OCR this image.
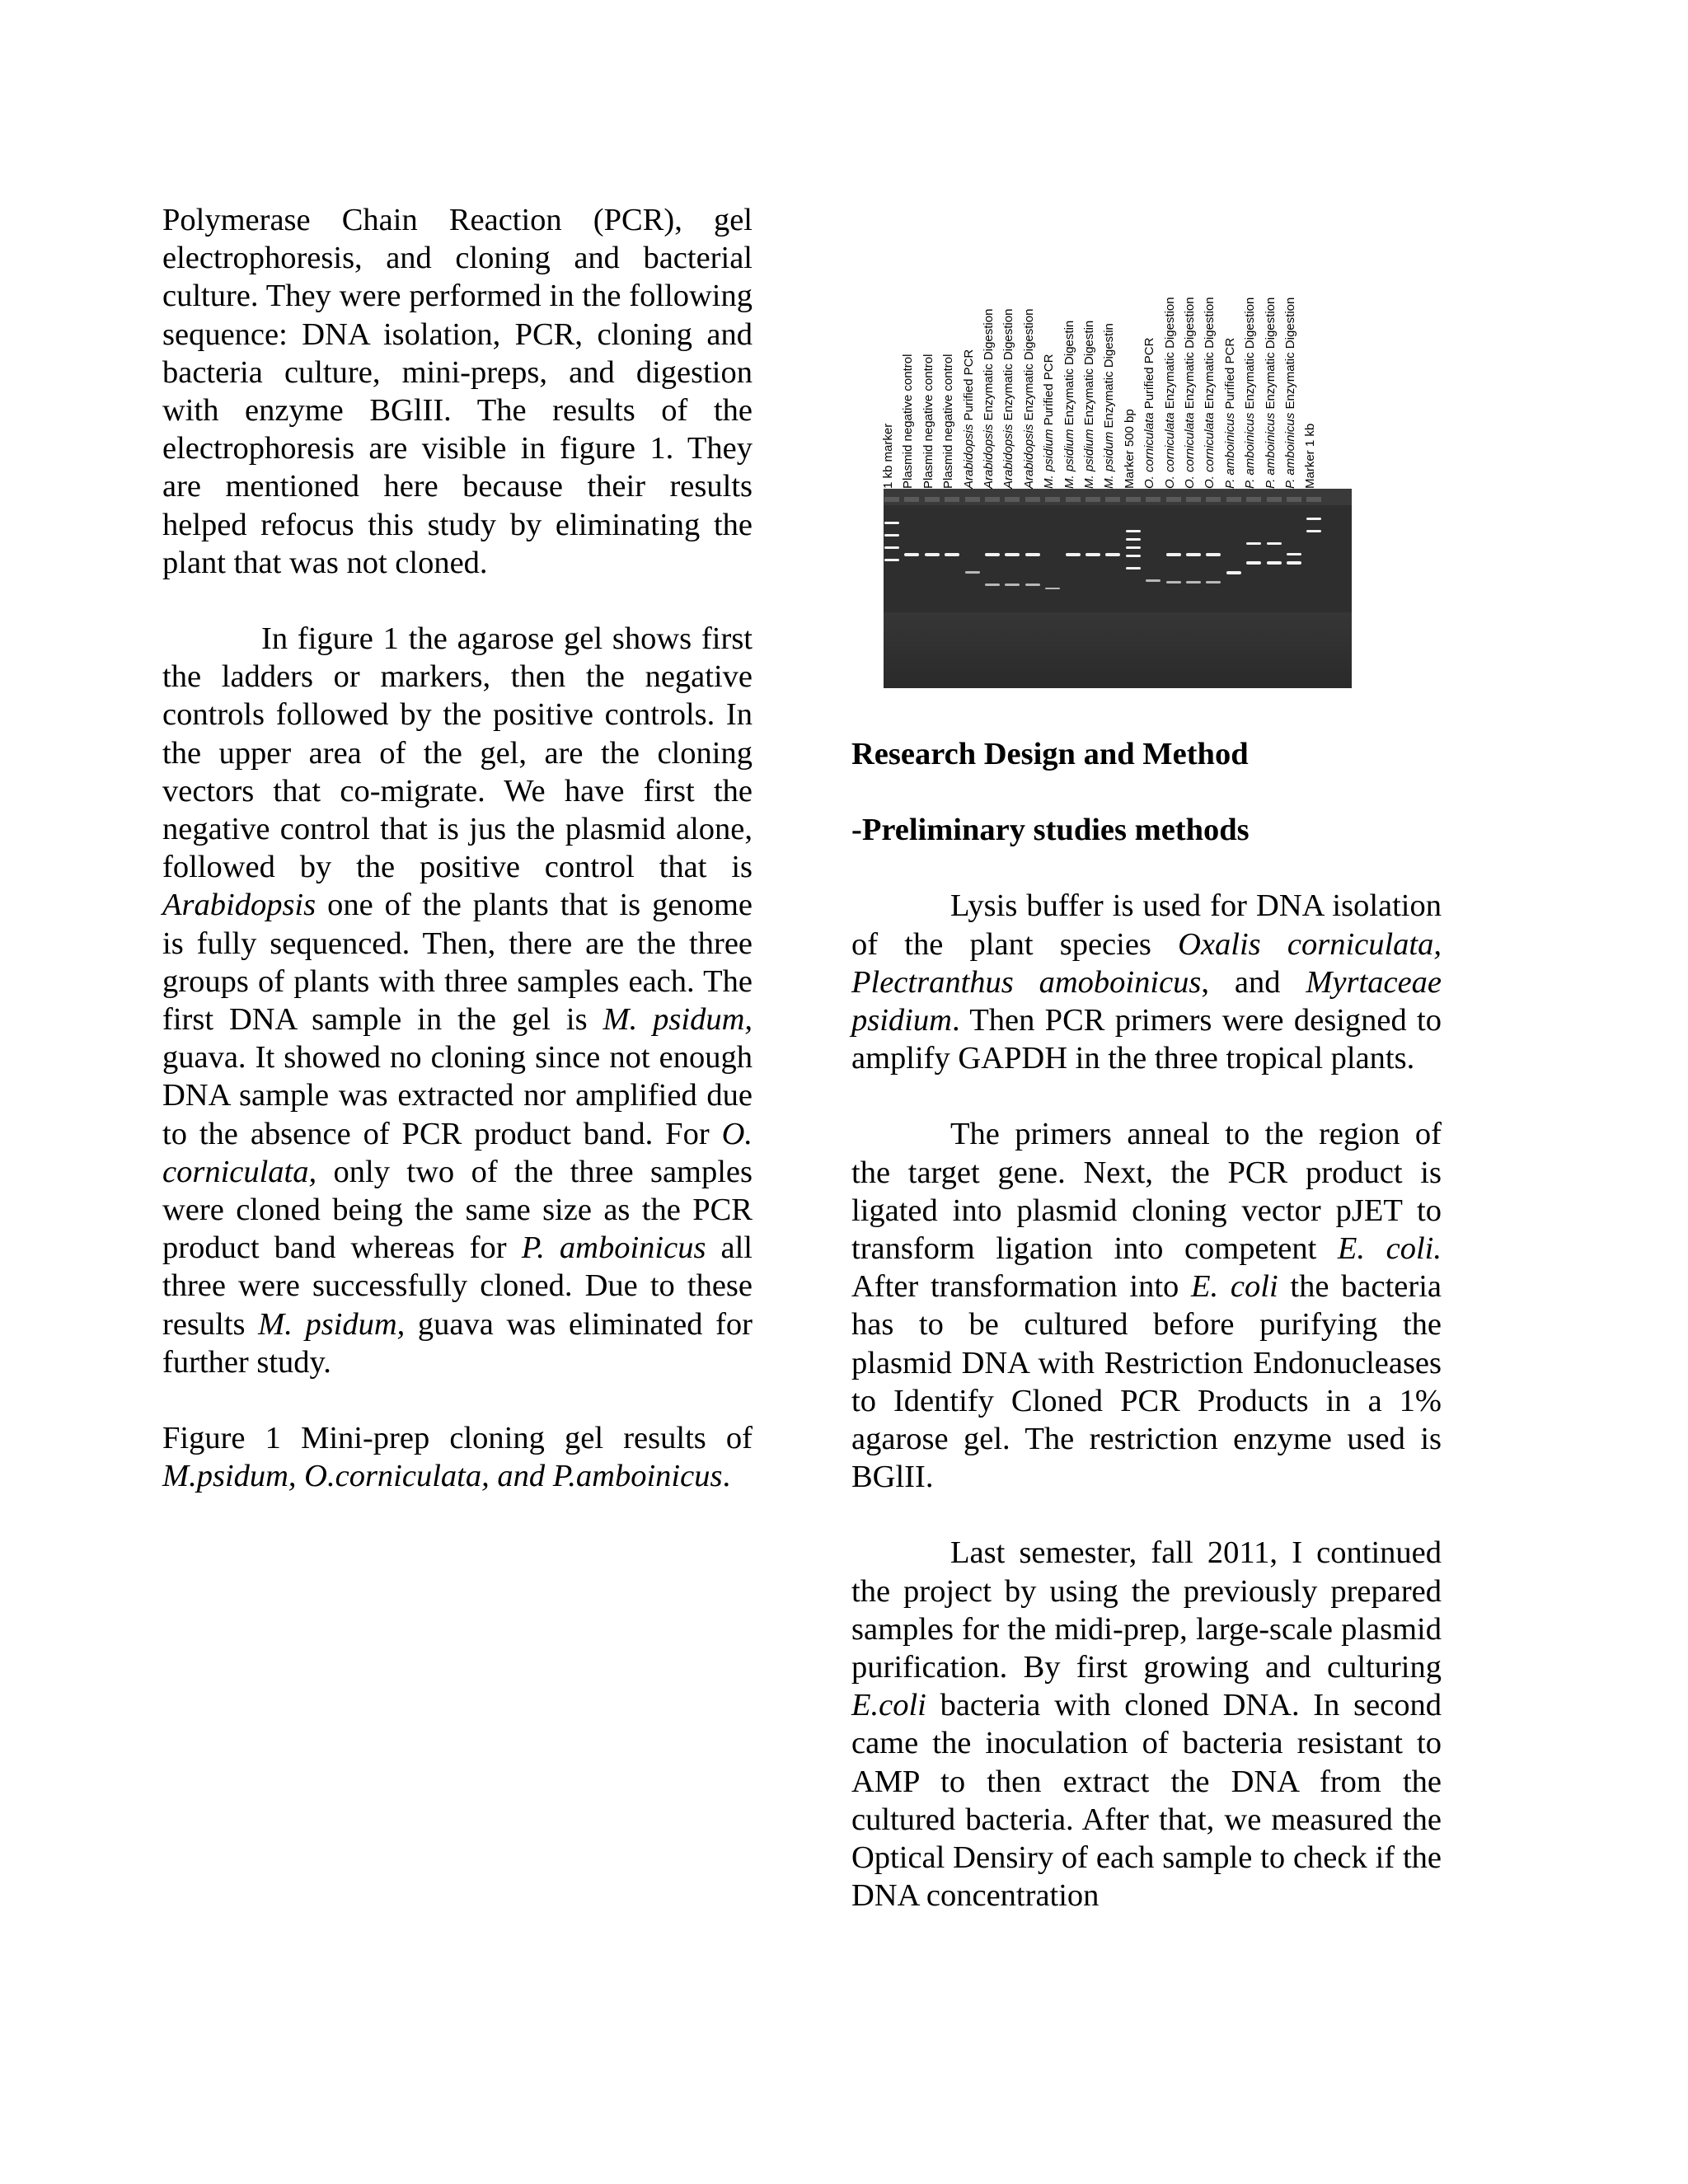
Polymerase Chain Reaction (PCR), gel electrophoresis, and cloning and bacterial culture. They were performed in the following sequence: DNA isolation, PCR, cloning and bacteria culture, mini-preps, and digestion with enzyme BGlII. The results of the electrophoresis are visible in figure 1. They are mentioned here because their results helped refocus this study by eliminating the plant that was not cloned.

In figure 1 the agarose gel shows first the ladders or markers, then the negative controls followed by the positive controls. In the upper area of the gel, are the cloning vectors that co-migrate. We have first the negative control that is jus the plasmid alone, followed by the positive control that is Arabidopsis one of the plants that is genome is fully sequenced. Then, there are the three groups of plants with three samples each. The first DNA sample in the gel is M. psidum, guava. It showed no cloning since not enough DNA sample was extracted nor amplified due to the absence of PCR product band. For O. corniculata, only two of the three samples were cloned being the same size as the PCR product band whereas for P. amboinicus all three were successfully cloned. Due to these results M. psidum, guava was eliminated for further study.

Figure 1 Mini-prep cloning gel results of M.psidum, O.corniculata, and P.amboinicus.

1 kb marker Plasmid negative control Plasmid negative control Plasmid negative control Arabidopsis Purified PCR
Arabidopsis Enzymatic Digestion
Arabidopsis Enzymatic Digestion
Arabidopsis Enzymatic Digestion
M. psidium Purified PCR
M. psidium Enzymatic Digestin
M. psidium Enzymatic Digestin
M. psidum Enzymatic Digestin
Marker 500 bp O. corniculata Purified PCR
O. corniculata Enzymatic Digestion
O. corniculata Enzymatic Digestion
O. corniculata Enzymatic Digestion
P. amboinicus Purified PCR
P. amboinicus Enzymatic Digestion
P. amboinicus Enzymatic Digestion
P. amboinicus Enzymatic Digestion
Marker 1 kb

Research Design and Method

-Preliminary studies methods

Lysis buffer is used for DNA isolation of the plant species Oxalis corniculata, Plectranthus amoboinicus, and Myrtaceae psidium. Then PCR primers were designed to amplify GAPDH in the three tropical plants.

The primers anneal to the region of the target gene. Next, the PCR product is ligated into plasmid cloning vector pJET to transform ligation into competent E. coli. After transformation into E. coli the bacteria has to be cultured before purifying the plasmid DNA with Restriction Endonucleases to Identify Cloned PCR Products in a 1% agarose gel. The restriction enzyme used is BGlII.

Last semester, fall 2011, I continued the project by using the previously prepared samples for the midi-prep, large-scale plasmid purification. By first growing and culturing E.coli bacteria with cloned DNA. In second came the inoculation of bacteria resistant to AMP to then extract the DNA from the cultured bacteria. After that, we measured the Optical Densiry of each sample to check if the DNA concentration
